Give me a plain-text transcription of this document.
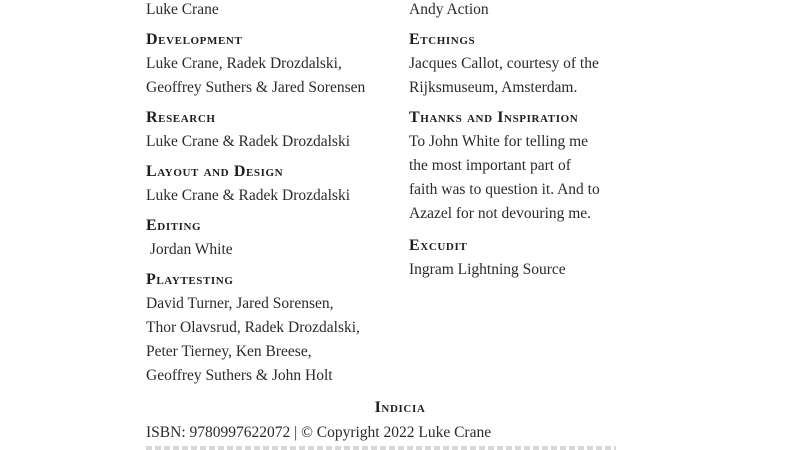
Luke Crane
Development
Luke Crane, Radek Drozdalski,
Geoffrey Suthers & Jared Sorensen
Research
Luke Crane & Radek Drozdalski
Layout and Design
Luke Crane & Radek Drozdalski
Editing
Jordan White
Playtesting
David Turner, Jared Sorensen,
Thor Olavsrud, Radek Drozdalski,
Peter Tierney, Ken Breese,
Geoffrey Suthers & John Holt
Andy Action
Etchings
Jacques Callot, courtesy of the
Rijksmuseum, Amsterdam.
Thanks and Inspiration
To John White for telling me
the most important part of
faith was to question it. And to
Azazel for not devouring me.
Excudit
Ingram Lightning Source
Indicia
ISBN: 9780997622072 | © Copyright 2022 Luke Crane
